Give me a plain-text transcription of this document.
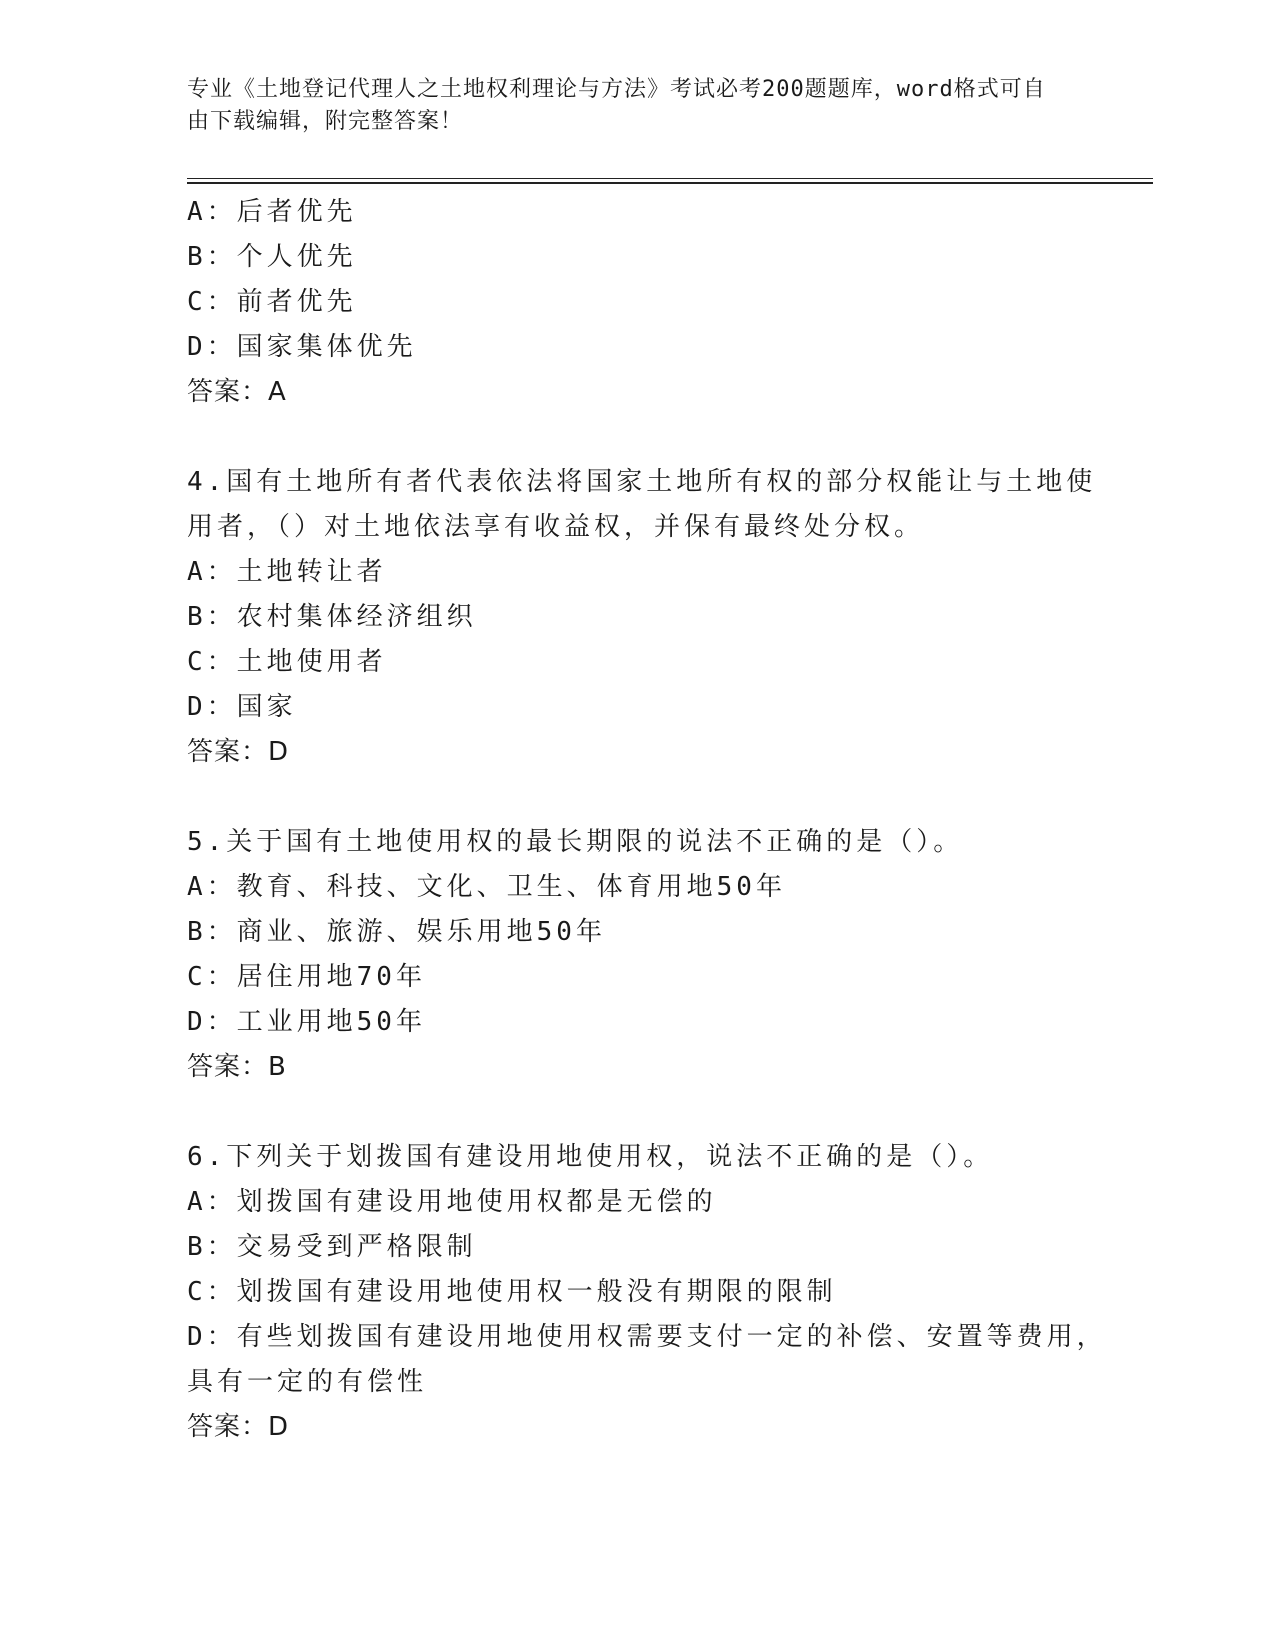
专业《土地登记代理人之土地权利理论与方法》考试必考200题题库，word格式可自由下载编辑，附完整答案！
A：后者优先
B：个人优先
C：前者优先
D：国家集体优先
答案：A
4.国有土地所有者代表依法将国家土地所有权的部分权能让与土地使
用者，（）对土地依法享有收益权，并保有最终处分权。
A：土地转让者
B：农村集体经济组织
C：土地使用者
D：国家
答案：D
5.关于国有土地使用权的最长期限的说法不正确的是（）。
A：教育、科技、文化、卫生、体育用地50年
B：商业、旅游、娱乐用地50年
C：居住用地70年
D：工业用地50年
答案：B
6.下列关于划拨国有建设用地使用权，说法不正确的是（）。
A：划拨国有建设用地使用权都是无偿的
B：交易受到严格限制
C：划拨国有建设用地使用权一般没有期限的限制
D：有些划拨国有建设用地使用权需要支付一定的补偿、安置等费用，
具有一定的有偿性
答案：D
